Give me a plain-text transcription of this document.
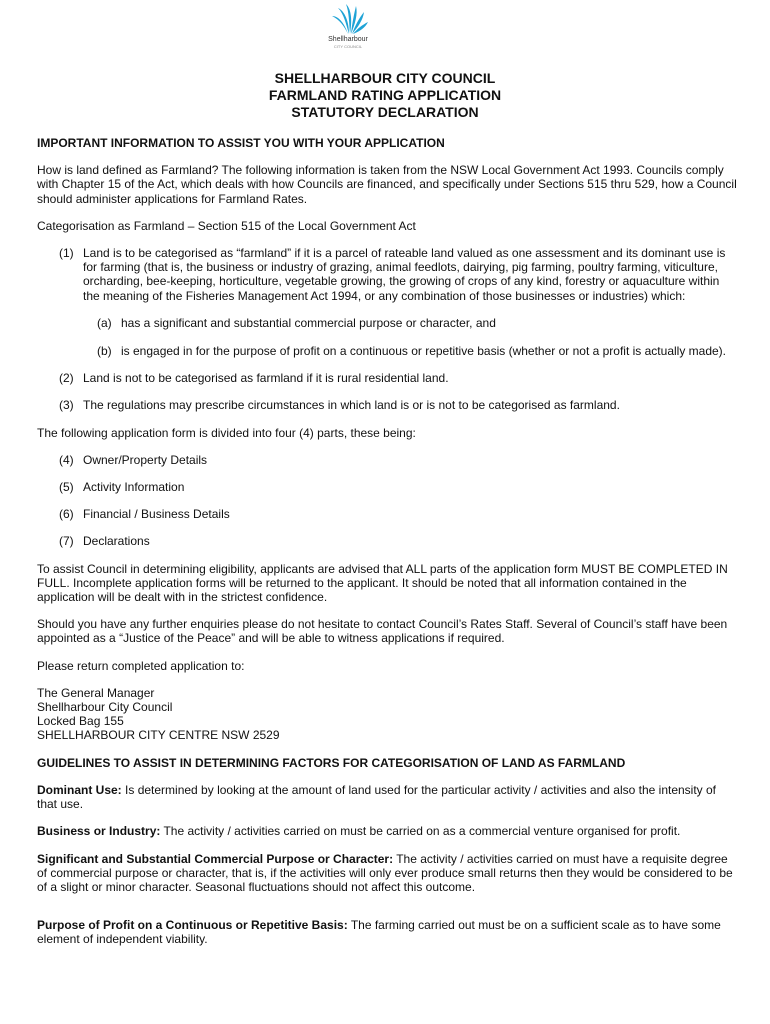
Shellharbour
CITY COUNCIL
SHELLHARBOUR CITY COUNCIL
FARMLAND RATING APPLICATION
STATUTORY DECLARATION

IMPORTANT INFORMATION TO ASSIST YOU WITH YOUR APPLICATION

How is land defined as Farmland? The following information is taken from the NSW Local Government Act 1993. Councils comply with Chapter 15 of the Act, which deals with how Councils are financed, and specifically under Sections 515 thru 529, how a Council should administer applications for Farmland Rates.

Categorisation as Farmland – Section 515 of the Local Government Act

(1) Land is to be categorised as “farmland” if it is a parcel of rateable land valued as one assessment and its dominant use is for farming (that is, the business or industry of grazing, animal feedlots, dairying, pig farming, poultry farming, viticulture, orcharding, bee-keeping, horticulture, vegetable growing, the growing of crops of any kind, forestry or aquaculture within the meaning of the Fisheries Management Act 1994, or any combination of those businesses or industries) which:
(a) has a significant and substantial commercial purpose or character, and
(b) is engaged in for the purpose of profit on a continuous or repetitive basis (whether or not a profit is actually made).
(2) Land is not to be categorised as farmland if it is rural residential land.
(3) The regulations may prescribe circumstances in which land is or is not to be categorised as farmland.

The following application form is divided into four (4) parts, these being:

(4) Owner/Property Details
(5) Activity Information
(6) Financial / Business Details
(7) Declarations

To assist Council in determining eligibility, applicants are advised that ALL parts of the application form MUST BE COMPLETED IN FULL. Incomplete application forms will be returned to the applicant. It should be noted that all information contained in the application will be dealt with in the strictest confidence.

Should you have any further enquiries please do not hesitate to contact Council’s Rates Staff. Several of Council’s staff have been appointed as a “Justice of the Peace” and will be able to witness applications if required.

Please return completed application to:

The General Manager
Shellharbour City Council
Locked Bag 155
SHELLHARBOUR CITY CENTRE NSW 2529

GUIDELINES TO ASSIST IN DETERMINING FACTORS FOR CATEGORISATION OF LAND AS FARMLAND

Dominant Use: Is determined by looking at the amount of land used for the particular activity / activities and also the intensity of that use.

Business or Industry: The activity / activities carried on must be carried on as a commercial venture organised for profit.

Significant and Substantial Commercial Purpose or Character: The activity / activities carried on must have a requisite degree of commercial purpose or character, that is, if the activities will only ever produce small returns then they would be considered to be of a slight or minor character. Seasonal fluctuations should not affect this outcome.

Purpose of Profit on a Continuous or Repetitive Basis: The farming carried out must be on a sufficient scale as to have some element of independent viability.
